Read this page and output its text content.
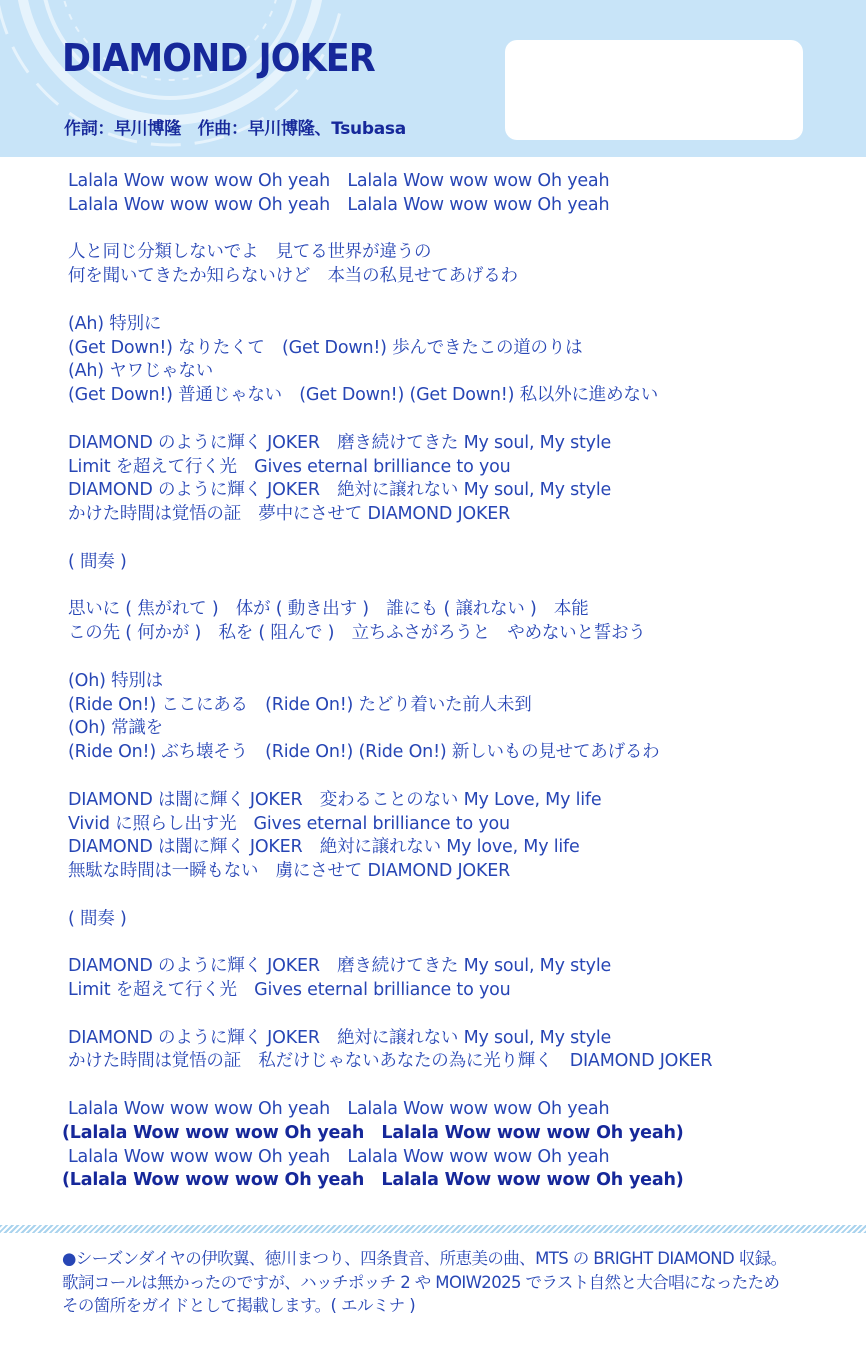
DIAMOND JOKER
作詞：早川博隆　作曲：早川博隆、Tsubasa
Lalala Wow wow wow Oh yeah　Lalala Wow wow wow Oh yeah
Lalala Wow wow wow Oh yeah　Lalala Wow wow wow Oh yeah
人と同じ分類しないでよ　見てる世界が違うの
何を聞いてきたか知らないけど　本当の私見せてあげるわ
(Ah) 特別に
(Get Down!) なりたくて　(Get Down!) 歩んできたこの道のりは
(Ah) ヤワじゃない
(Get Down!) 普通じゃない　(Get Down!) (Get Down!) 私以外に進めない
DIAMOND のように輝く JOKER　磨き続けてきた My soul, My style
Limit を超えて行く光　Gives eternal brilliance to you
DIAMOND のように輝く JOKER　絶対に譲れない My soul, My style
かけた時間は覚悟の証　夢中にさせて DIAMOND JOKER
( 間奏 )
思いに ( 焦がれて )　体が ( 動き出す )　誰にも ( 譲れない )　本能
この先 ( 何かが )　私を ( 阻んで )　立ちふさがろうと　やめないと誓おう
(Oh) 特別は
(Ride On!) ここにある　(Ride On!) たどり着いた前人未到
(Oh) 常識を
(Ride On!) ぶち壊そう　(Ride On!) (Ride On!) 新しいもの見せてあげるわ
DIAMOND は闇に輝く JOKER　変わることのない My Love, My life
Vivid に照らし出す光　Gives eternal brilliance to you
DIAMOND は闇に輝く JOKER　絶対に譲れない My love, My life
無駄な時間は一瞬もない　虜にさせて DIAMOND JOKER
( 間奏 )
DIAMOND のように輝く JOKER　磨き続けてきた My soul, My style
Limit を超えて行く光　Gives eternal brilliance to you
DIAMOND のように輝く JOKER　絶対に譲れない My soul, My style
かけた時間は覚悟の証　私だけじゃないあなたの為に光り輝く　DIAMOND JOKER
Lalala Wow wow wow Oh yeah　Lalala Wow wow wow Oh yeah
(Lalala Wow wow wow Oh yeah　Lalala Wow wow wow Oh yeah)
Lalala Wow wow wow Oh yeah　Lalala Wow wow wow Oh yeah
(Lalala Wow wow wow Oh yeah　Lalala Wow wow wow Oh yeah)
●シーズンダイヤの伊吹翼、徳川まつり、四条貴音、所恵美の曲、MTS の BRIGHT DIAMOND 収録。
歌詞コールは無かったのですが、ハッチポッチ 2 や MOIW2025 でラスト自然と大合唱になったため
その箇所をガイドとして掲載します。( エルミナ )
